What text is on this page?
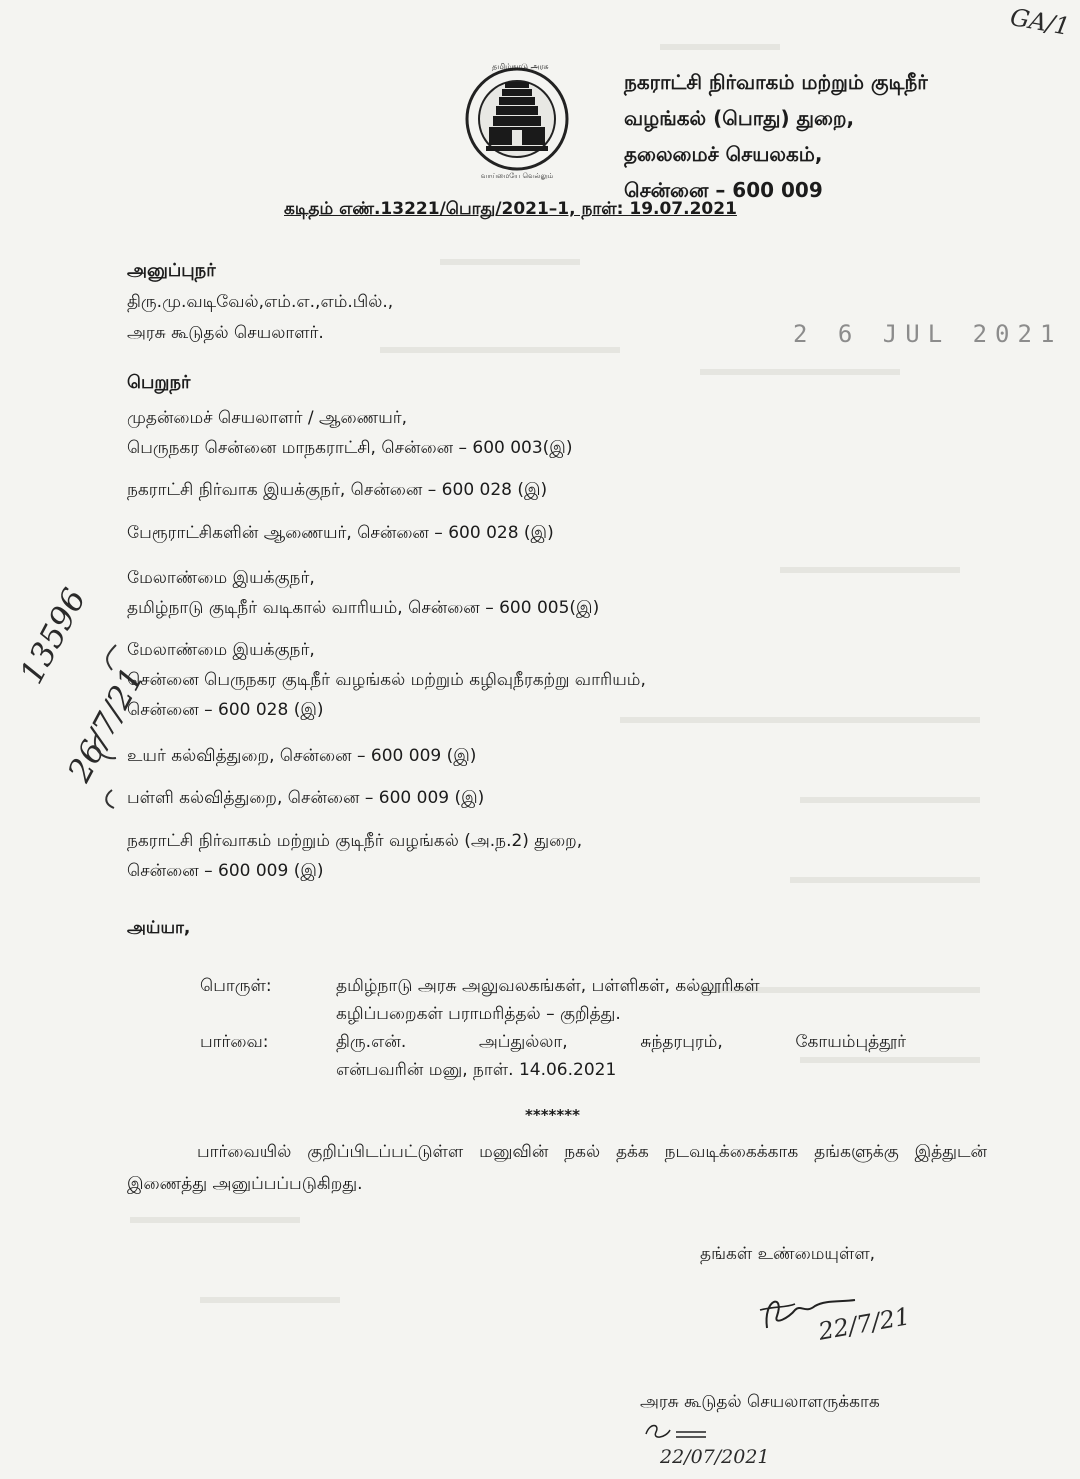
GA/1
வாய்மையே வெல்லும்
தமிழ்நாடு அரசு
நகராட்சி நிர்வாகம் மற்றும் குடிநீர்
வழங்கல் (பொது) துறை,
தலைமைச் செயலகம்,
சென்னை – 600 009
கடிதம் எண்.13221/பொது/2021–1, நாள்: 19.07.2021
அனுப்புநர்
திரு.மு.வடிவேல்,எம்.எ.,எம்.பில்.,
அரசு கூடுதல் செயலாளர்.	2 6 JUL 2021
பெறுநர்
முதன்மைச் செயலாளர் / ஆணையர்,
பெருநகர சென்னை மாநகராட்சி, சென்னை – 600 003(இ)
நகராட்சி நிர்வாக இயக்குநர், சென்னை – 600 028 (இ)
பேரூராட்சிகளின் ஆணையர், சென்னை – 600 028 (இ)
மேலாண்மை இயக்குநர்,
தமிழ்நாடு குடிநீர் வடிகால் வாரியம், சென்னை – 600 005(இ)
மேலாண்மை இயக்குநர்,
சென்னை பெருநகர குடிநீர் வழங்கல் மற்றும் கழிவுநீரகற்று வாரியம்,
சென்னை – 600 028 (இ)
உயர் கல்வித்துறை, சென்னை – 600 009 (இ)
பள்ளி கல்வித்துறை, சென்னை – 600 009 (இ)
நகராட்சி நிர்வாகம் மற்றும் குடிநீர் வழங்கல் (அ.ந.2) துறை,
சென்னை – 600 009 (இ)
13596
26/7/21
அய்யா,
பொருள்:	தமிழ்நாடு அரசு அலுவலகங்கள், பள்ளிகள், கல்லூரிகள்
	கழிப்பறைகள் பராமரித்தல் – குறித்து.
பார்வை:	திரு.என். அப்துல்லா, சுந்தரபுரம், கோயம்புத்தூர்

	என்பவரின் மனு, நாள். 14.06.2021
*******
பார்வையில் குறிப்பிடப்பட்டுள்ள மனுவின் நகல் தக்க நடவடிக்கைக்காக தங்களுக்கு இத்துடன் இணைத்து அனுப்பப்படுகிறது.
தங்கள் உண்மையுள்ள,
22/7/21
அரசு கூடுதல் செயலாளருக்காக
22/07/2021
